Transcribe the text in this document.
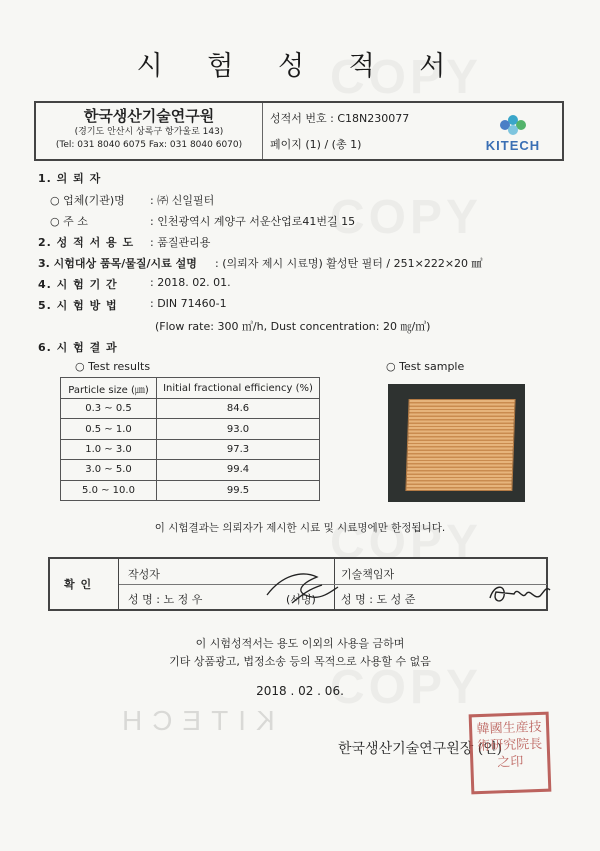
KITECH
시 험 성 적 서
한국생산기술연구원
(경기도 안산시 상록구 항가울로 143)
(Tel: 031 8040 6075 Fax: 031 8040 6070)
성적서 번호 : C18N230077
페이지 (1) / (총 1)	KITECH
1. 의 뢰 자
○ 업체(기관)명 : ㈜ 신일필터
○ 주 소	: 인천광역시 계양구 서운산업로41번길 15
2. 성 적 서 용 도 : 품질관리용
3. 시험대상 품목/물질/시료 설명 : (의뢰자 제시 시료명) 활성탄 필터 / 251×222×20 ㎣
4. 시 험 기 간	: 2018. 02. 01.
5. 시 험 방 법	: DIN 71460-1
(Flow rate: 300 ㎥/h, Dust concentration: 20 ㎎/㎥)
6. 시 험 결 과
○ Test results	○ Test sample
Particle size (㎛)	Initial fractional efficiency (%)
0.3 ~ 0.5	84.6
0.5 ~ 1.0	93.0
1.0 ~ 3.0	97.3
3.0 ~ 5.0	99.4
5.0 ~ 10.0	99.5
이 시험결과는 의뢰자가 제시한 시료 및 시료명에만 한정됩니다.
확 인
작성자
성 명 : 노 정 우	(서명)
기술책임자
성 명 : 도 성 준
이 시험성적서는 용도 이외의 사용을 금하며
기타 상품광고, 법정소송 등의 목적으로 사용할 수 없음
2018 . 02 . 06.
한국생산기술연구원장 (인)
韓國生産技術研究院長之印
